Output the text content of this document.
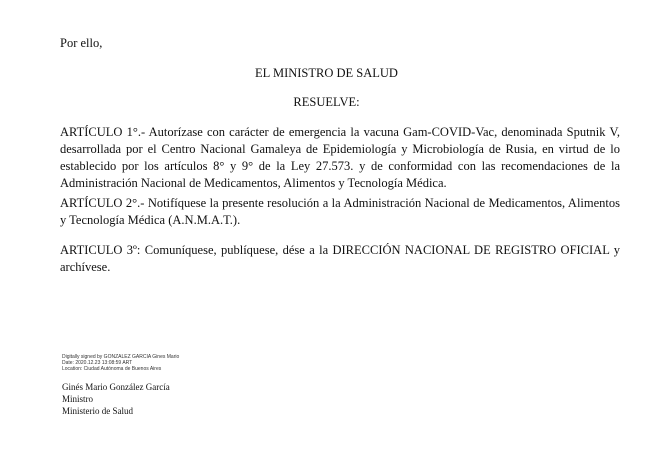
Por ello,
EL MINISTRO DE SALUD
RESUELVE:
ARTÍCULO 1°.- Autorízase con carácter de emergencia la vacuna Gam-COVID-Vac, denominada Sputnik V, desarrollada por el Centro Nacional Gamaleya de Epidemiología y Microbiología de Rusia, en virtud de lo establecido por los artículos 8° y 9° de la Ley 27.573. y de conformidad con las recomendaciones de la Administración Nacional de Medicamentos, Alimentos y Tecnología Médica.
ARTÍCULO 2°.- Notifíquese la presente resolución a la Administración Nacional de Medicamentos, Alimentos y Tecnología Médica (A.N.M.A.T.).
ARTICULO 3º: Comuníquese, publíquese, dése a la DIRECCIÓN NACIONAL DE REGISTRO OFICIAL y archívese.
Digitally signed by GONZALEZ GARCIA Gines Mario
Date: 2020.12.23 13:08:59 ART
Location: Ciudad Autónoma de Buenos Aires
Ginés Mario González García
Ministro
Ministerio de Salud
